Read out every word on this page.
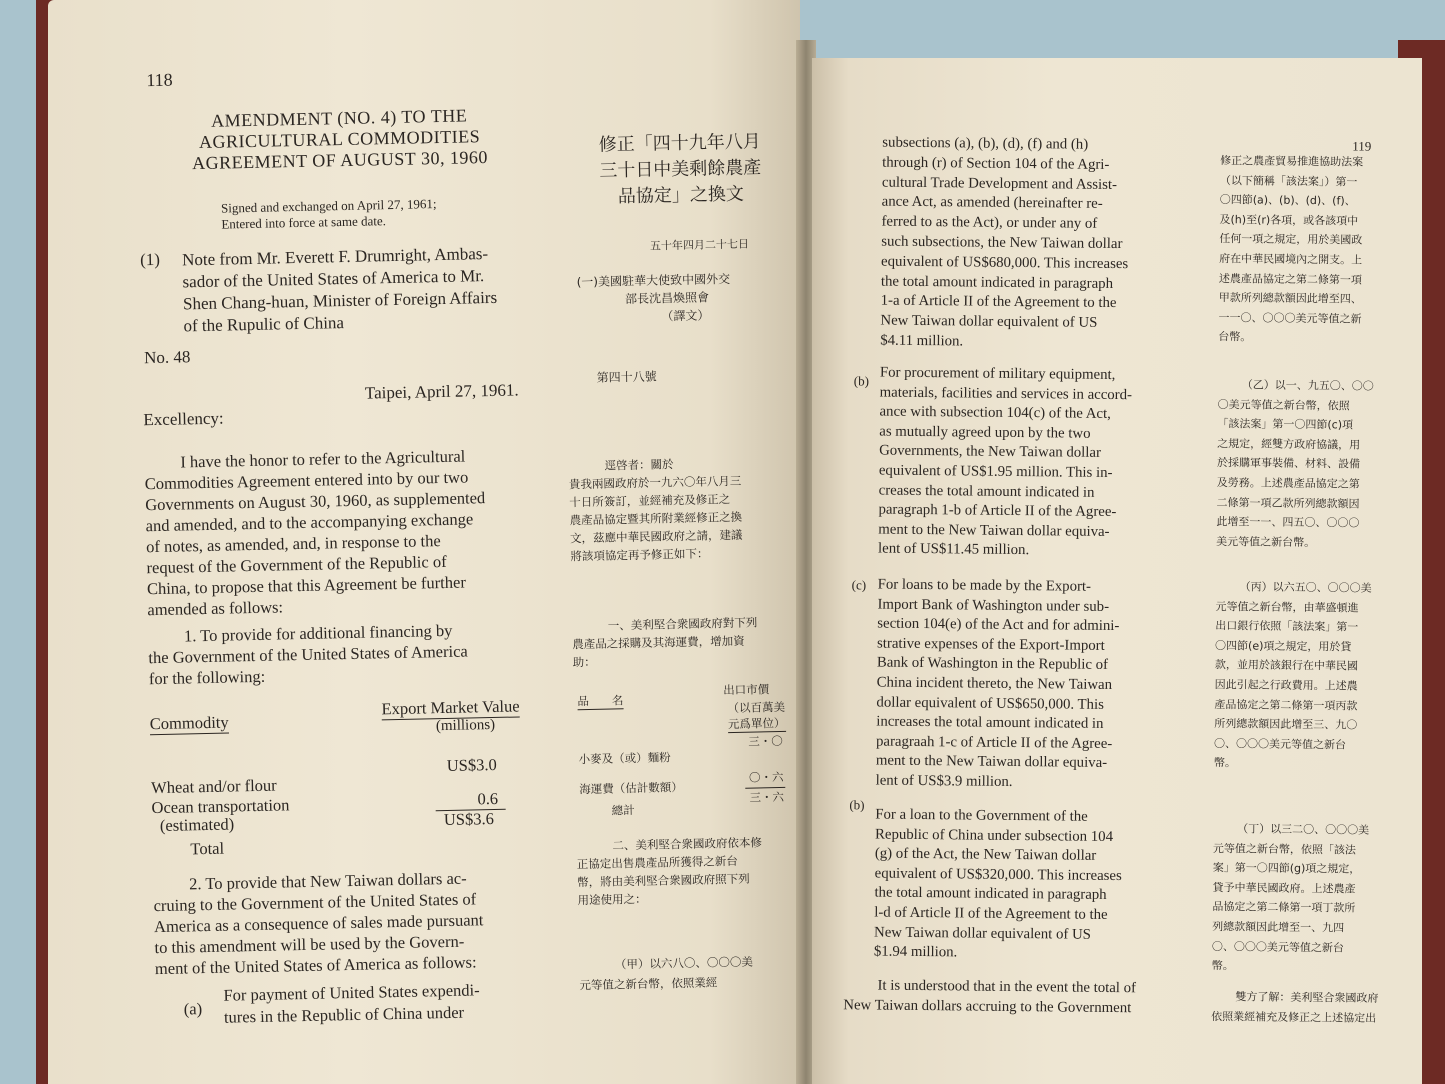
118
AMENDMENT (NO. 4) TO THE
AGRICULTURAL COMMODITIES
AGREEMENT OF AUGUST 30, 1960
Signed and exchanged on April 27, 1961;
Entered into force at same date.
(1) Note from Mr. Everett F. Drumright, Ambas-
sador of the United States of America to Mr.
Shen Chang-huan, Minister of Foreign Affairs
of the Rupulic of China
No. 48
Taipei, April 27, 1961.
Excellency:
I have the honor to refer to the Agricultural
Commodities Agreement entered into by our two
Governments on August 30, 1960, as supplemented
and amended, and to the accompanying exchange
of notes, as amended, and, in response to the
request of the Government of the Republic of
China, to propose that this Agreement be further
amended as follows:
1. To provide for additional financing by
the Government of the United States of America
for the following:
Commodity
Export Market Value
(millions)
Wheat and/or flour
US$3.0
Ocean transportation	0.6
(estimated)	US$3.6
Total
2. To provide that New Taiwan dollars ac-
cruing to the Government of the United States of
America as a consequence of sales made pursuant
to this amendment will be used by the Govern-
ment of the United States of America as follows:
(a)
For payment of United States expendi-
tures in the Republic of China under
修正「四十九年八月
三十日中美剩餘農產
品協定」之換文
五十年四月二十七日
(一)美國駐華大使致中國外交
部長沈昌煥照會
（譯文）
第四十八號
逕啓者：關於
貴我兩國政府於一九六〇年八月三
十日所簽訂，並經補充及修正之
農產品協定暨其所附業經修正之換
文，茲應中華民國政府之請，建議
將該項協定再予修正如下：
一、美利堅合衆國政府對下列
農產品之採購及其海運費，增加資
助：
品　　名
出口市價
（以百萬美
元爲單位）
三・〇
小麥及（或）麵粉
〇・六
海運費（估計數額）
三・六
總計
二、美利堅合衆國政府依本修
正協定出售農產品所獲得之新台
幣，將由美利堅合衆國政府照下列
用途使用之：
（甲）以六八〇、〇〇〇美
元等值之新台幣，依照業經
119
subsections (a), (b), (d), (f) and (h)
through (r) of Section 104 of the Agri-
cultural Trade Development and Assist-
ance Act, as amended (hereinafter re-
ferred to as the Act), or under any of
such subsections, the New Taiwan dollar
equivalent of US$680,000. This increases
the total amount indicated in paragraph
1-a of Article II of the Agreement to the
New Taiwan dollar equivalent of US
$4.11 million.
(b) For procurement of military equipment,
materials, facilities and services in accord-
ance with subsection 104(c) of the Act,
as mutually agreed upon by the two
Governments, the New Taiwan dollar
equivalent of US$1.95 million. This in-
creases the total amount indicated in
paragraph 1-b of Article II of the Agree-
ment to the New Taiwan dollar equiva-
lent of US$11.45 million.
(c) For loans to be made by the Export-
Import Bank of Washington under sub-
section 104(e) of the Act and for admini-
strative expenses of the Export-Import
Bank of Washington in the Republic of
China incident thereto, the New Taiwan
dollar equivalent of US$650,000. This
increases the total amount indicated in
paragraah 1-c of Article II of the Agree-
ment to the New Taiwan dollar equiva-
lent of US$3.9 million.
(b)
For a loan to the Government of the
Republic of China under subsection 104
(g) of the Act, the New Taiwan dollar
equivalent of US$320,000. This increases
the total amount indicated in paragraph
l-d of Article II of the Agreement to the
New Taiwan dollar equivalent of US
$1.94 million.
It is understood that in the event the total of
New Taiwan dollars accruing to the Government
修正之農產貿易推進協助法案
（以下簡稱「該法案」）第一
〇四節(a)、(b)、(d)、(f)、
及(h)至(r)各項，或各該項中
任何一項之規定，用於美國政
府在中華民國境內之開支。上
述農產品協定之第二條第一項
甲款所列總款額因此增至四、
一一〇、〇〇〇美元等值之新
台幣。
（乙）以一、九五〇、〇〇
〇美元等值之新台幣，依照
「該法案」第一〇四節(c)項
之規定，經雙方政府協議，用
於採購軍事裝備、材料、設備
及勞務。上述農產品協定之第
二條第一項乙款所列總款額因
此增至一一、四五〇、〇〇〇
美元等值之新台幣。
（丙）以六五〇、〇〇〇美
元等值之新台幣，由華盛頓進
出口銀行依照「該法案」第一
〇四節(e)項之規定，用於貸
款，並用於該銀行在中華民國
因此引起之行政費用。上述農
產品協定之第二條第一項丙款
所列總款額因此增至三、九〇
〇、〇〇〇美元等值之新台
幣。
（丁）以三二〇、〇〇〇美
元等值之新台幣，依照「該法
案」第一〇四節(g)項之規定，
貸予中華民國政府。上述農產
品協定之第二條第一項丁款所
列總款額因此增至一、九四
〇、〇〇〇美元等值之新台
幣。
雙方了解：美利堅合衆國政府
依照業經補充及修正之上述協定出
